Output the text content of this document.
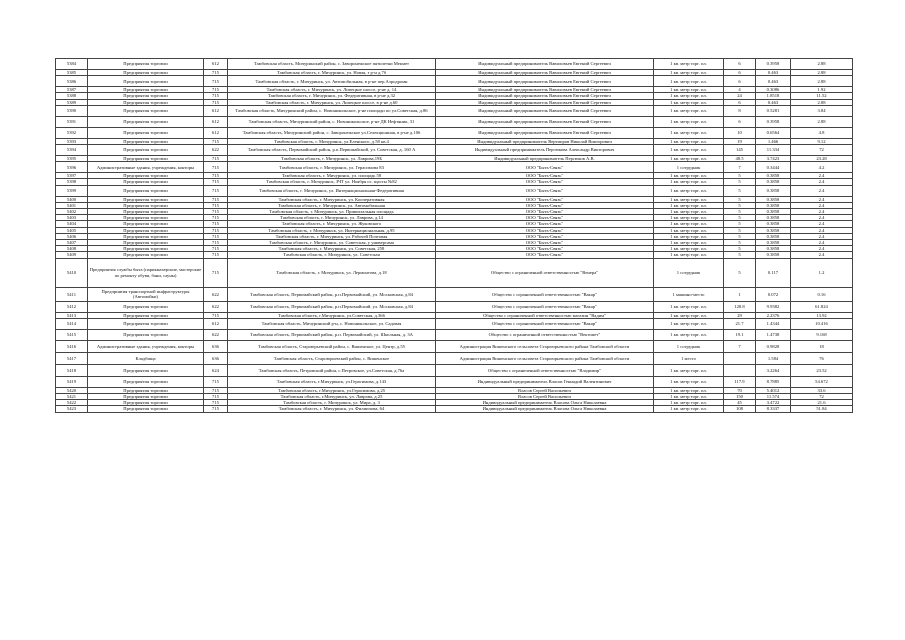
5384	Предприятия торговли	612	Тамбовская область, Мичуринский район, с. Заворонежское пятилетки Мекмет	Индивидуальный предприниматель Вавиловьев Евгений Сергеевич	1 кв. метр торг. пл.	6	0.3958	2.88
5385	Предприятия торговли	715	Тамбовская область, г. Мичуринск, ул. Новая, з р-н д.7б	Индивидуальный предприниматель Вавиловьев Евгений Сергеевич	1 кв. метр торг. пл.	6	0.463	2.88
5386	Предприятия торговли	715	Тамбовская область, г. Мичуринск, ул. Автомобильная, в р-не пер.Аэродромн	Индивидуальный предприниматель Вавиловьев Евгений Сергеевич	1 кв. метр торг. пл.	6	0.463	2.88
5387	Предприятия торговли	715	Тамбовская область, г. Мичуринск, ул. Липецкое шоссе, р-не д. 14	Индивидуальный предприниматель Вавиловьев Евгений Сергеевич	1 кв. метр торг. пл.	4	0.3086	1.92
5388	Предприятия торговли	715	Тамбовская область, г. Мичуринск, ул. Федеративная, в р-не д.32	Индивидуальный предприниматель Вавиловьев Евгений Сергеевич	1 кв. метр торг. пл.	24	1.8518	11.52
5389	Предприятия торговли	715	Тамбовская область, г. Мичуринск, ул. Липецкое шоссе, в р-не д.60	Индивидуальный предприниматель Вавиловьев Евгений Сергеевич	1 кв. метр торг. пл.	6	0.463	2.88
5390	Предприятия торговли	612	Тамбовская область, Мичуринский район, с. Новоникольское, р-не площади по ул.Советская, д.86	Индивидуальный предприниматель Вавиловьев Евгений Сергеевич	1 кв. метр торг. пл.	8	0.5281	3.84
5391	Предприятия торговли	612	Тамбовская область, Мичуринский район, с. Новоникольское, р-не ДК Нефтяник, 31	Индивидуальный предприниматель Вавиловьев Евгений Сергеевич	1 кв. метр торг. пл.	6	0.3958	2.88
5392	Предприятия торговли	612	Тамбовская область, Мичуринский район, с. Заворонежское ул.Селекционная, в р-не д.106	Индивидуальный предприниматель Вавиловьев Евгений Сергеевич	1 кв. метр торг. пл.	10	0.6564	4.8
5393	Предприятия торговли	715	Тамбовская область, г. Мичуринск, ул.Еленского, д.58 кв.4	Индивидуальный предприниматель Вертипров Николай Викторович	1 кв. метр торг. пл.	19	1.466	9.12
5394	Предприятия торговли	622	Тамбовская область, Первомайский район, р.п.Первомайский, ул. Советская, д. 160 А	Индивидуальный предприниматель Персюкова Александр Викторович	1 кв. метр торг. пл.	145	11.334	72
5395	Предприятия торговли	715	Тамбовская область, г. Мичуринск, ул. Лаврова,19Б	Индивидуальный предприниматель Персюков А.В.	1 кв. метр торг. пл.	48.5	3.7423	23.28
5396	Административные здания, учреждения, конторы	715	Тамбовская область, г. Мичуринск, ул. Герасимова 83	ООО "Быть-Связь"	1 сотрудник	7	0.3444	4.2
5397	Предприятия торговли	715	Тамбовская область, г. Мичуринск, ул. площадь 58	ООО "Быть-Связь"	1 кв. метр торг. пл.	5	0.3858	2.4
5398	Предприятия торговли	715	Тамбовская область, г. Мичуринск, ЗЧТ ул. Ноября ос. щасты №82	ООО "Быть-Связь"	1 кв. метр торг. пл.	5	0.3858	2.4
5399	Предприятия торговли	715	Тамбовская область, г. Мичуринск, ул. Интернациональная-Федеративная	ООО "Быть-Связь"	1 кв. метр торг. пл.	5	0.3858	2.4
5400	Предприятия торговли	715	Тамбовская область, г. Мичуринск, ул. Кооперативная	ООО "Быть-Связь"	1 кв. метр торг. пл.	5	0.3858	2.4
5401	Предприятия торговли	715	Тамбовская область, г. Мичуринск, ул. Автомобильная	ООО "Быть-Связь"	1 кв. метр торг. пл.	5	0.3858	2.4
5402	Предприятия торговли	715	Тамбовская область, г. Мичуринск, ул. Привокзальная площадь	ООО "Быть-Связь"	1 кв. метр торг. пл.	5	0.3858	2.4
5403	Предприятия торговли	715	Тамбовская область, г. Мичуринск, ул. Лаврова, д.14	ООО "Быть-Связь"	1 кв. метр торг. пл.	5	0.3858	2.4
5404	Предприятия торговли	715	Тамбовская область, г. Мичуринск, ул. Жуковского	ООО "Быть-Связь"	1 кв. метр торг. пл.	5	0.3858	2.4
5405	Предприятия торговли	715	Тамбовская область, г. Мичуринск, ул. Интернациональная, д.95	ООО "Быть-Связь"	1 кв. метр торг. пл.	5	0.3858	2.4
5406	Предприятия торговли	715	Тамбовская область, г. Мичуринск, ул. Рабочей Почтовая	ООО "Быть-Связь"	1 кв. метр торг. пл.	5	0.3858	2.4
5407	Предприятия торговли	715	Тамбовская область, г. Мичуринск, ул. Советская, у универсама	ООО "Быть-Связь"	1 кв. метр торг. пл.	5	0.3858	2.4
5408	Предприятия торговли	715	Тамбовская область, г. Мичуринск, ул. Советская, 258	ООО "Быть-Связь"	1 кв. метр торг. пл.	5	0.3858	2.4
5409	Предприятия торговли	715	Тамбовская область, г. Мичуринск, ул. Советская	ООО "Быть-Связь"	1 кв. метр торг. пл.	5	0.3858	2.4
5410	Предприятия службы быта (парикмахерские, мастерские по ремонту обуви, бани, сауны)	715	Тамбовская область, г. Мичуринск, ул. Лермонтова, д.18	Общество с ограниченной ответственностью "Венера"	1 сотрудник	5	0.117	1.2
5411	Предприятия транспортной инфраструктуры (Автомойки)	622	Тамбовская область, Первомайский район, р.п.Первомайский, ул. Московская, д.84	Общество с ограниченной ответственностью "Вакар"	1 машино-место	1	0.072	0.16
5412	Предприятия торговли	622	Тамбовская область, Первомайский район, р.п.Первомайский, ул. Московская, д.84	Общество с ограниченной ответственностью "Вакар"	1 кв. метр торг. пл.	128.8	9.9382	61.824
5413	Предприятия торговли	715	Тамбовская область, г.Мичуринск, ул.Советская, д.366	Общество с ограниченной ответственностью магазин "Вадим"	1 кв. метр торг. пл.	29	2.2376	13.92
5414	Предприятия торговли	612	Тамбовская область, Мичуринский р-н, с. Новоникольское, ул. Садовая	Общество с ограниченной ответственностью "Вакар"	1 кв. метр торг. пл.	21.7	1.4344	10.416
5415	Предприятия торговли	622	Тамбовская область, Первомайский район, р.п. Первомайский, ул. Школьная, д. 3А	Общество с ограниченной ответственностью "Вектомет"	1 кв. метр торг. пл.	19.1	1.4738	9.168
5416	Административные здания, учреждения, конторы	636	Тамбовская область, Староюрьевский район, с. Вишенское, ул. Центр, д.55	Администрация Вишенского сельсовета Староюрьевского района Тамбовской области	1 сотрудник	7	0.9828	18
5417	Кладбища	636	Тамбовская область, Староюрьевский район, с. Вишенское	Администрация Вишенского сельсовета Староюрьевского района Тамбовской области	1 место		1.584	76
5418	Предприятия торговли	624	Тамбовская область, Петровский район, с.Петровское, ул.Советская, д.76а	Общество с ограниченной ответственностью "Владимир"	1 кв. метр торг. пл.		3.2264	23.52
5419	Предприятия торговли	715	Тамбовская область, г.Мичуринск, ул.Герасимова, д.143	Индивидуальный предприниматель Власов Геннадий Валентинович	1 кв. метр торг. пл.	117.9	8.7885	54.672
5420	Предприятия торговли	715	Тамбовская область, г.Мичуринск, ул.Герасимова, д.25	Власов Сергей Васильевич	1 кв. метр торг. пл.	70	5.4012	33.6
5421	Предприятия торговли	715	Тамбовская область, г.Мичуринск, ул. Лаврова, д.25	Власов Сергей Васильевич	1 кв. метр торг. пл.	150	11.574	72
5422	Предприятия торговли	715	Тамбовская область, г. Мичуринск, ул. Мира, д. 3	Индивидуальный предприниматель Власова Ольга Николаевна	1 кв. метр торг. пл.	45	3.4722	21.6
5423	Предприятия торговли	715	Тамбовская область, г. Мичуринск, ул. Филиппова, 64	Индивидуальный предприниматель Власова Ольга Николаевна	1 кв. метр торг. пл.	108	8.3337	51.84
